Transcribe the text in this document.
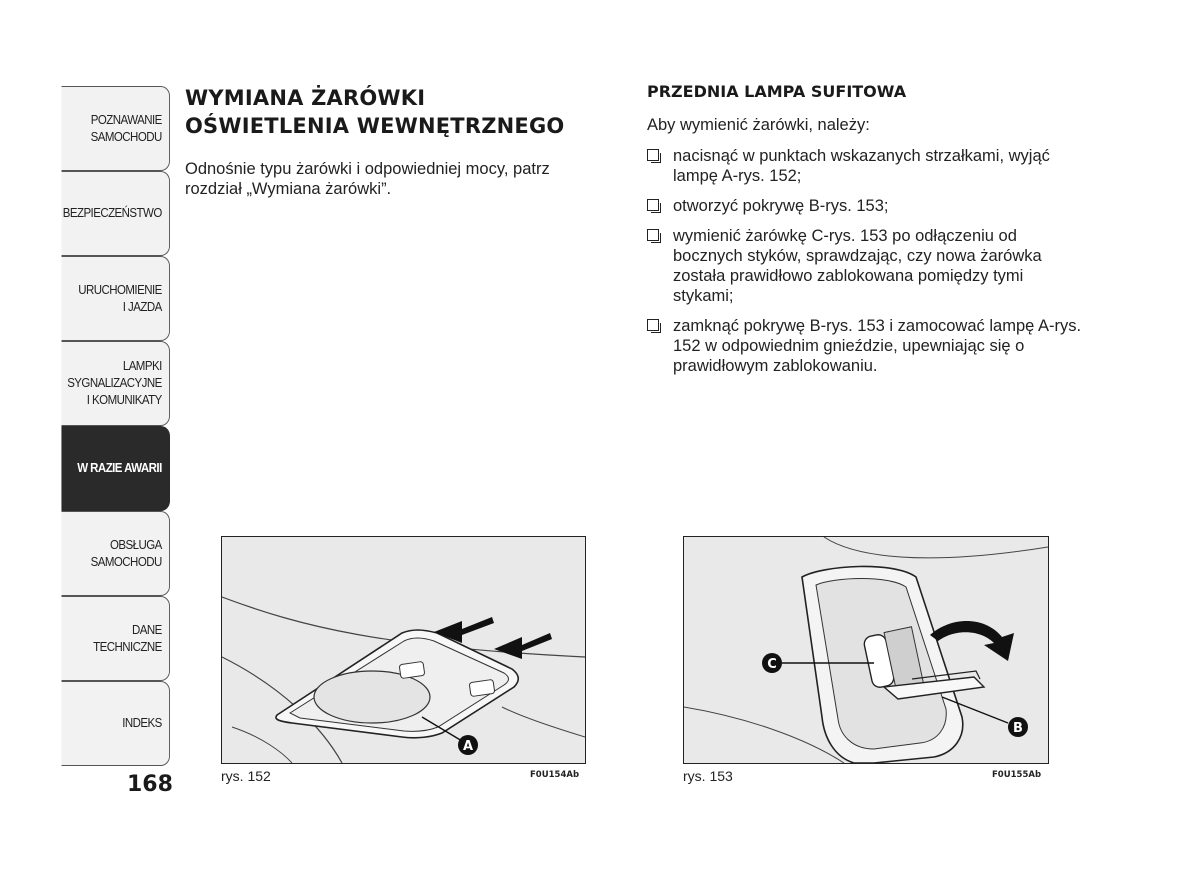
POZNAWANIE
SAMOCHODU
BEZPIECZEŃSTWO
URUCHOMIENIE
I JAZDA
LAMPKI
SYGNALIZACYJNE
I KOMUNIKATY
W RAZIE AWARII
OBSŁUGA
SAMOCHODU
DANE
TECHNICZNE
INDEKS
168
WYMIANA ŻARÓWKI
OŚWIETLENIA WEWNĘTRZNEGO
Odnośnie typu żarówki i odpowiedniej mocy, patrz rozdział „Wymiana żarówki”.
PRZEDNIA LAMPA SUFITOWA
Aby wymienić żarówki, należy:
nacisnąć w punktach wskazanych strzałkami, wyjąć lampę A-rys. 152;
otworzyć pokrywę B-rys. 153;
wymienić żarówkę C-rys. 153 po odłączeniu od bocznych styków, sprawdzając, czy nowa żarówka została prawidłowo zablokowana pomiędzy tymi stykami;
zamknąć pokrywę B-rys. 153 i zamocować lampę A-rys. 152 w odpowiednim gnieździe, upewniając się o prawidłowym zablokowaniu.
A
rys. 152	F0U154Ab
C
B
rys. 153	F0U155Ab
